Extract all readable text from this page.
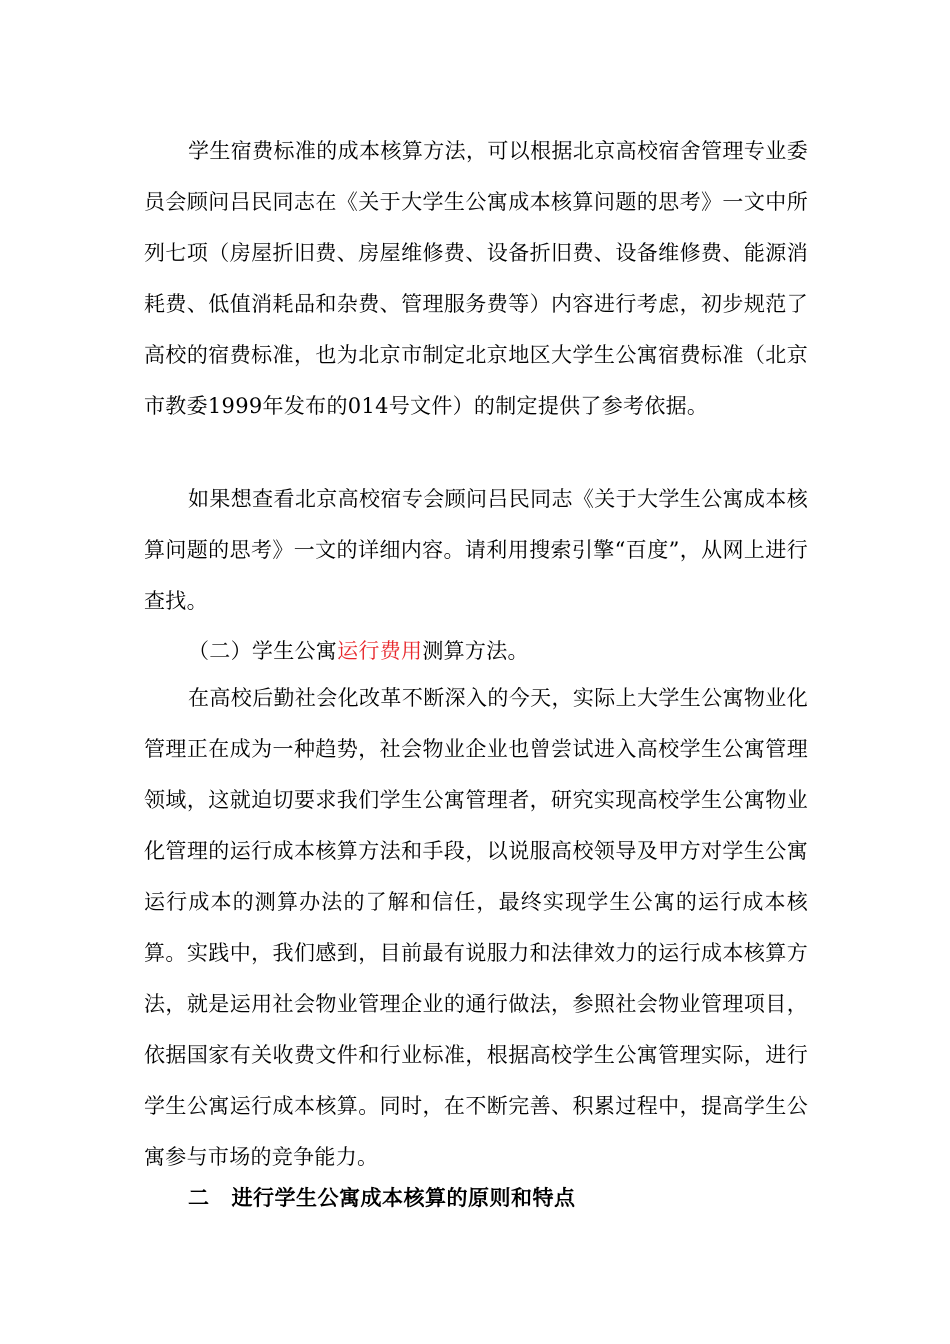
学生宿费标准的成本核算方法，可以根据北京高校宿舍管理专业委员会顾问吕民同志在《关于大学生公寓成本核算问题的思考》一文中所列七项（房屋折旧费、房屋维修费、设备折旧费、设备维修费、能源消耗费、低值消耗品和杂费、管理服务费等）内容进行考虑，初步规范了高校的宿费标准，也为北京市制定北京地区大学生公寓宿费标准（北京市教委1999年发布的014号文件）的制定提供了参考依据。

如果想查看北京高校宿专会顾问吕民同志《关于大学生公寓成本核算问题的思考》一文的详细内容。请利用搜索引擎“百度”，从网上进行查找。

（二）学生公寓运行费用测算方法。

在高校后勤社会化改革不断深入的今天，实际上大学生公寓物业化管理正在成为一种趋势，社会物业企业也曾尝试进入高校学生公寓管理领域，这就迫切要求我们学生公寓管理者，研究实现高校学生公寓物业化管理的运行成本核算方法和手段，以说服高校领导及甲方对学生公寓运行成本的测算办法的了解和信任，最终实现学生公寓的运行成本核算。实践中，我们感到，目前最有说服力和法律效力的运行成本核算方法，就是运用社会物业管理企业的通行做法，参照社会物业管理项目，依据国家有关收费文件和行业标准，根据高校学生公寓管理实际，进行学生公寓运行成本核算。同时，在不断完善、积累过程中，提高学生公寓参与市场的竞争能力。

二 进行学生公寓成本核算的原则和特点
